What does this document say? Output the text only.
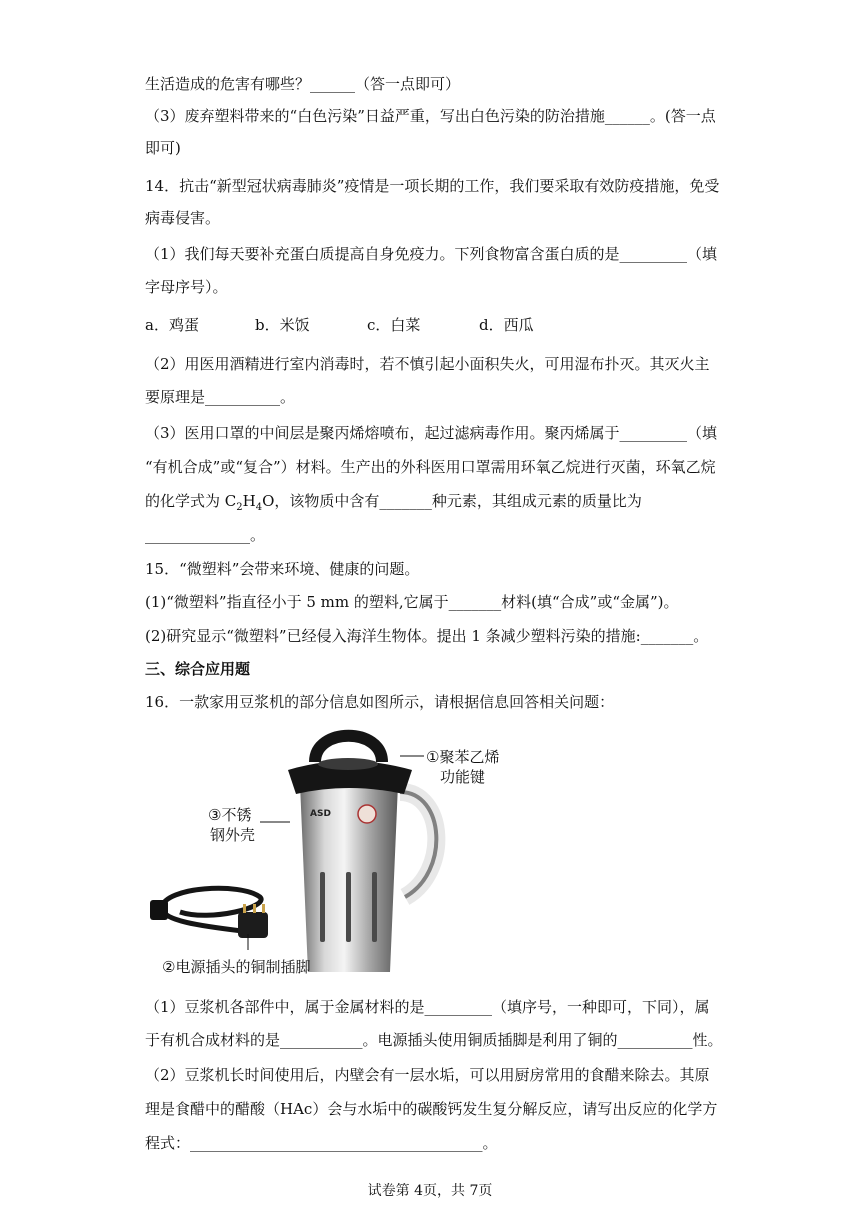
生活造成的危害有哪些？______（答一点即可）
（3）废弃塑料带来的“白色污染”日益严重，写出白色污染的防治措施______。(答一点
即可)
14．抗击“新型冠状病毒肺炎”疫情是一项长期的工作，我们要采取有效防疫措施，免受
病毒侵害。
（1）我们每天要补充蛋白质提高自身免疫力。下列食物富含蛋白质的是_________（填
字母序号）。
a．鸡蛋	b．米饭	c．白菜	d．西瓜
（2）用医用酒精进行室内消毒时，若不慎引起小面积失火，可用湿布扑灭。其灭火主
要原理是__________。
（3）医用口罩的中间层是聚丙烯熔喷布，起过滤病毒作用。聚丙烯属于_________（填
“有机合成”或“复合”）材料。生产出的外科医用口罩需用环氧乙烷进行灭菌，环氧乙烷
的化学式为 $C_2H_4O$，该物质中含有_______种元素，其组成元素的质量比为
______________。
15．“微塑料”会带来环境、健康的问题。
(1)“微塑料”指直径小于 5 mm 的塑料,它属于_______材料(填“合成”或“金属”)。
(2)研究显示“微塑料”已经侵入海洋生物体。提出 1 条减少塑料污染的措施:_______。
三、综合应用题
16．一款家用豆浆机的部分信息如图所示，请根据信息回答相关问题：
ASD
①聚苯乙烯
功能键
③不锈
钢外壳
②电源插头的铜制插脚
（1）豆浆机各部件中，属于金属材料的是_________（填序号，一种即可，下同），属
于有机合成材料的是___________。电源插头使用铜质插脚是利用了铜的__________性。
（2）豆浆机长时间使用后，内壁会有一层水垢，可以用厨房常用的食醋来除去。其原
理是食醋中的醋酸（HAc）会与水垢中的碳酸钙发生复分解反应，请写出反应的化学方
程式：_______________________________________。
试卷第 4页，共 7页
